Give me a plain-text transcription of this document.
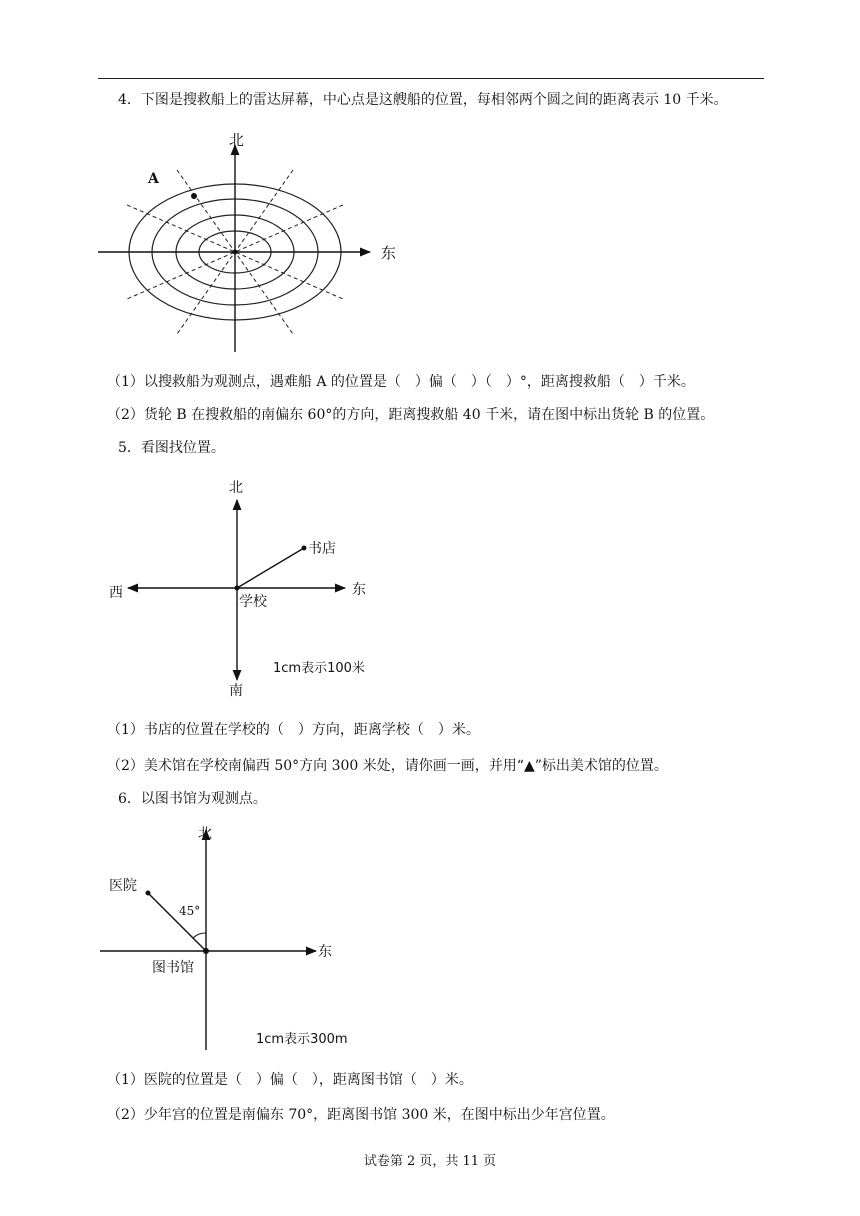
4．下图是搜救船上的雷达屏幕，中心点是这艘船的位置，每相邻两个圆之间的距离表示 10 千米。
北
东
A
（1）以搜救船为观测点，遇难船 A 的位置是（　）偏（　）（　）°，距离搜救船（　）千米。
（2）货轮 B 在搜救船的南偏东 60°的方向，距离搜救船 40 千米，请在图中标出货轮 B 的位置。
5．看图找位置。
北
南
东
西
学校
书店
1cm表示100米
（1）书店的位置在学校的（　）方向，距离学校（　）米。
（2）美术馆在学校南偏西 50°方向 300 米处，请你画一画，并用“▲”标出美术馆的位置。
6．以图书馆为观测点。
北
东
医院
图书馆
45°
1cm表示300m
（1）医院的位置是（　）偏（　），距离图书馆（　）米。
（2）少年宫的位置是南偏东 70°，距离图书馆 300 米，在图中标出少年宫位置。
试卷第 2 页，共 11 页
